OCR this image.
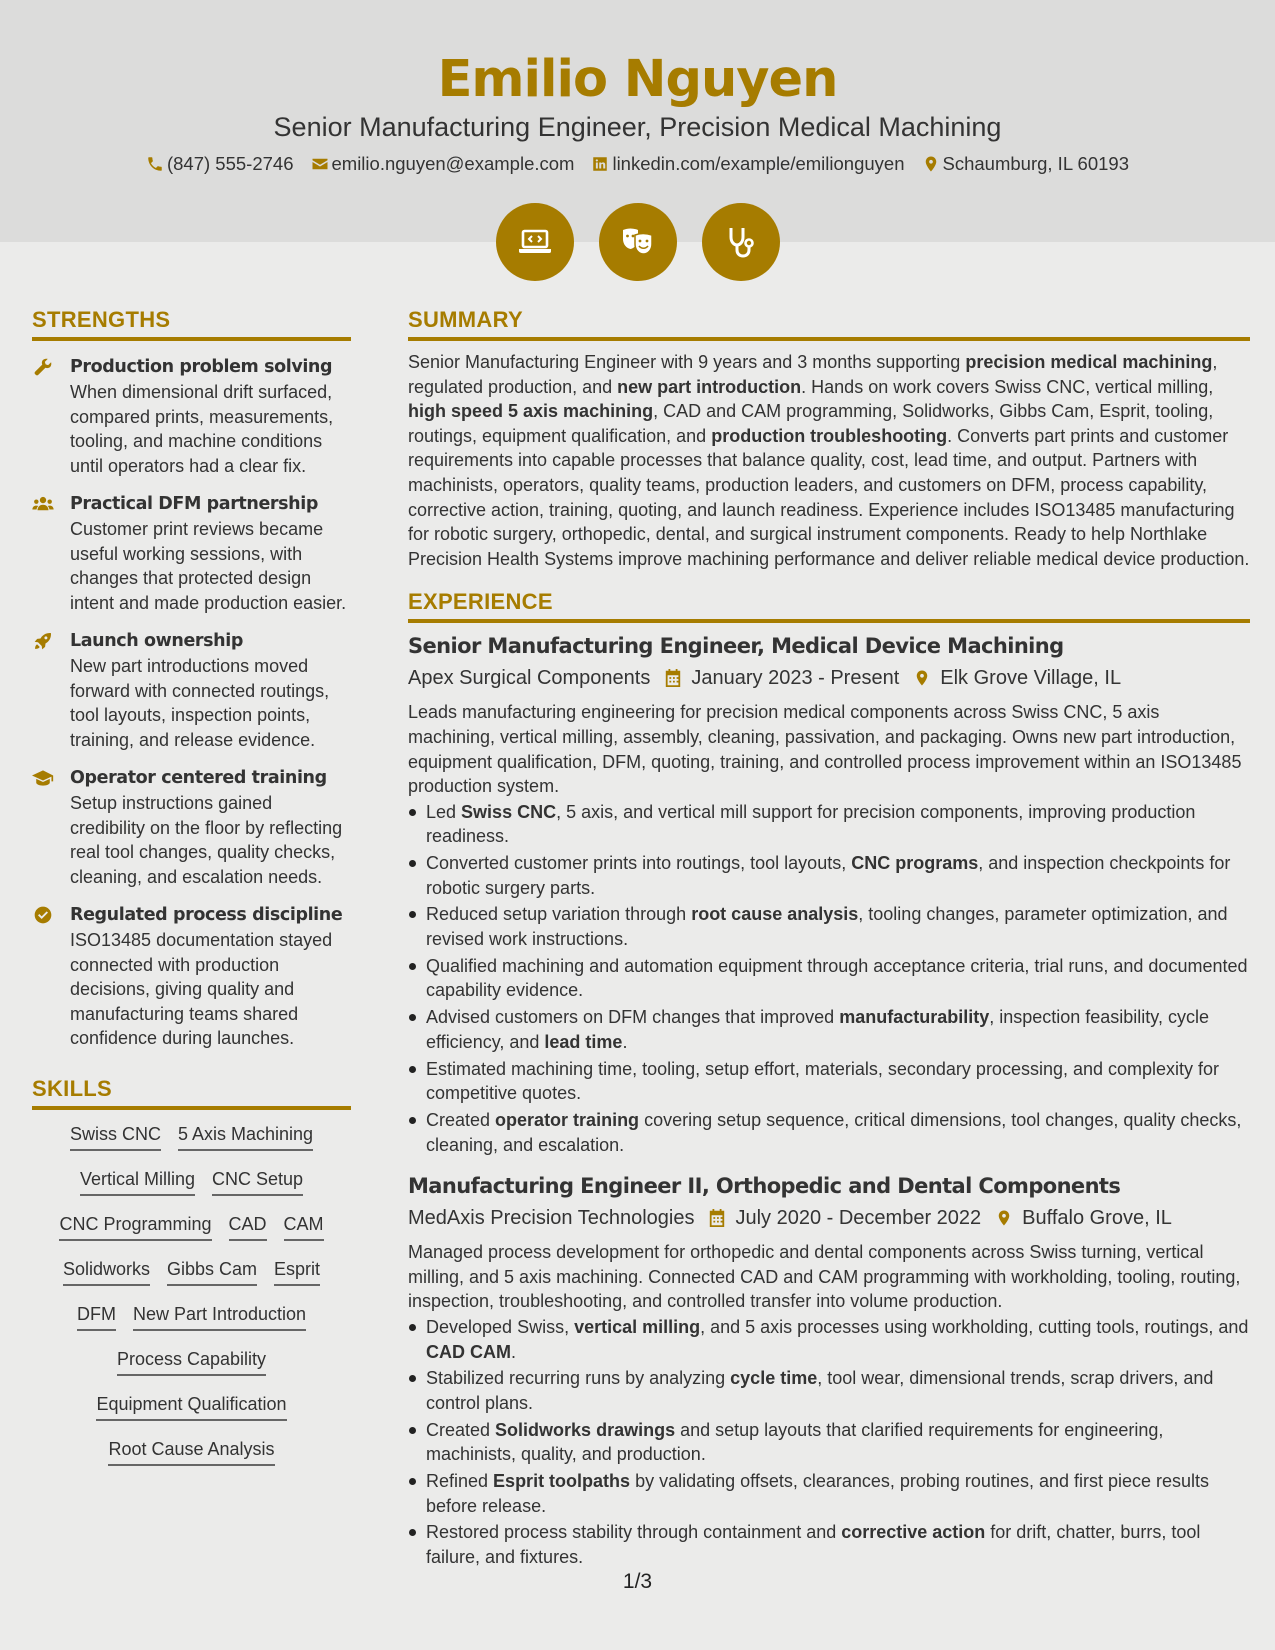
Emilio Nguyen
Senior Manufacturing Engineer, Precision Medical Machining
(847) 555-2746 emilio.nguyen@example.com linkedin.com/example/emilionguyen Schaumburg, IL 60193
STRENGTHS
Production problem solving
When dimensional drift surfaced, compared prints, measurements, tooling, and machine conditions until operators had a clear fix.
Practical DFM partnership
Customer print reviews became useful working sessions, with changes that protected design intent and made production easier.
Launch ownership
New part introductions moved forward with connected routings, tool layouts, inspection points, training, and release evidence.
Operator centered training
Setup instructions gained credibility on the floor by reflecting real tool changes, quality checks, cleaning, and escalation needs.
Regulated process discipline
ISO13485 documentation stayed connected with production decisions, giving quality and manufacturing teams shared confidence during launches.
SKILLS
Swiss CNC 5 Axis Machining
Vertical Milling CNC Setup
CNC Programming CAD CAM
Solidworks Gibbs Cam Esprit
DFM New Part Introduction
Process Capability
Equipment Qualification
Root Cause Analysis
SUMMARY
Senior Manufacturing Engineer with 9 years and 3 months supporting precision medical machining, regulated production, and new part introduction. Hands on work covers Swiss CNC, vertical milling, high speed 5 axis machining, CAD and CAM programming, Solidworks, Gibbs Cam, Esprit, tooling, routings, equipment qualification, and production troubleshooting. Converts part prints and customer requirements into capable processes that balance quality, cost, lead time, and output. Partners with machinists, operators, quality teams, production leaders, and customers on DFM, process capability, corrective action, training, quoting, and launch readiness. Experience includes ISO13485 manufacturing for robotic surgery, orthopedic, dental, and surgical instrument components. Ready to help Northlake Precision Health Systems improve machining performance and deliver reliable medical device production.
EXPERIENCE
Senior Manufacturing Engineer, Medical Device Machining
Apex Surgical Components January 2023 - Present Elk Grove Village, IL
Leads manufacturing engineering for precision medical components across Swiss CNC, 5 axis machining, vertical milling, assembly, cleaning, passivation, and packaging. Owns new part introduction, equipment qualification, DFM, quoting, training, and controlled process improvement within an ISO13485 production system.
Led Swiss CNC, 5 axis, and vertical mill support for precision components, improving production readiness.
Converted customer prints into routings, tool layouts, CNC programs, and inspection checkpoints for robotic surgery parts.
Reduced setup variation through root cause analysis, tooling changes, parameter optimization, and revised work instructions.
Qualified machining and automation equipment through acceptance criteria, trial runs, and documented capability evidence.
Advised customers on DFM changes that improved manufacturability, inspection feasibility, cycle efficiency, and lead time.
Estimated machining time, tooling, setup effort, materials, secondary processing, and complexity for competitive quotes.
Created operator training covering setup sequence, critical dimensions, tool changes, quality checks, cleaning, and escalation.
Manufacturing Engineer II, Orthopedic and Dental Components
MedAxis Precision Technologies July 2020 - December 2022 Buffalo Grove, IL
Managed process development for orthopedic and dental components across Swiss turning, vertical milling, and 5 axis machining. Connected CAD and CAM programming with workholding, tooling, routing, inspection, troubleshooting, and controlled transfer into volume production.
Developed Swiss, vertical milling, and 5 axis processes using workholding, cutting tools, routings, and CAD CAM.
Stabilized recurring runs by analyzing cycle time, tool wear, dimensional trends, scrap drivers, and control plans.
Created Solidworks drawings and setup layouts that clarified requirements for engineering, machinists, quality, and production.
Refined Esprit toolpaths by validating offsets, clearances, probing routines, and first piece results before release.
Restored process stability through containment and corrective action for drift, chatter, burrs, tool failure, and fixtures.
1/3
